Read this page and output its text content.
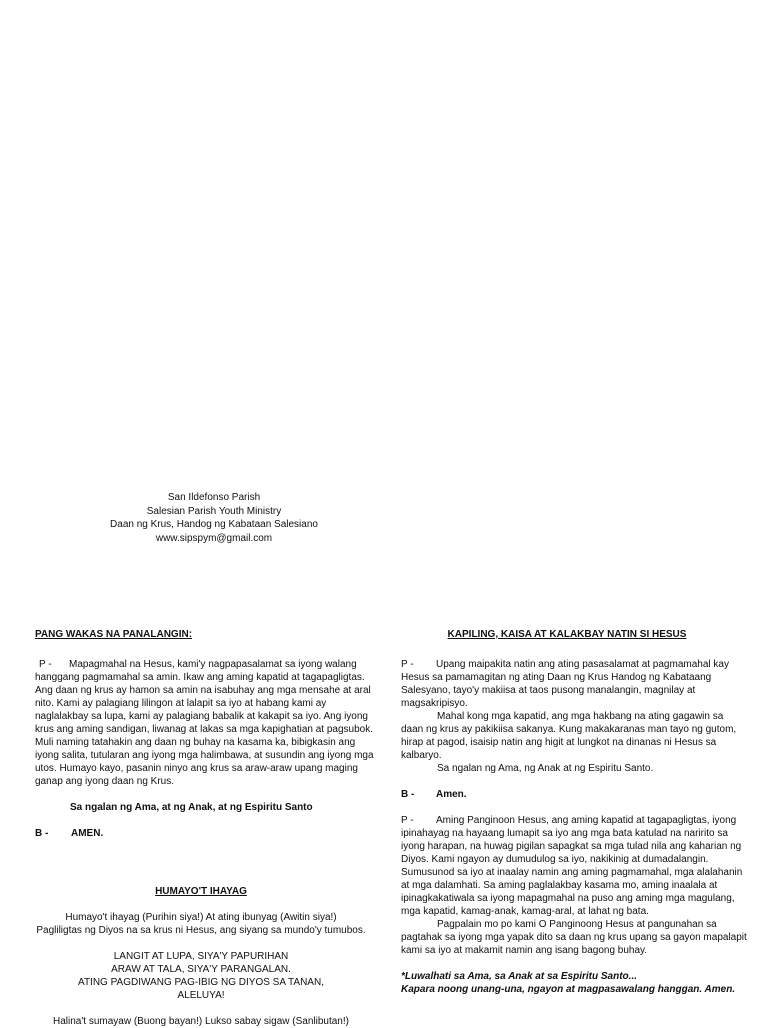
San Ildefonso Parish
Salesian Parish Youth Ministry
Daan ng Krus, Handog ng Kabataan Salesiano
www.sipspym@gmail.com
PANG WAKAS NA PANALANGIN:
P - Mapagmahal na Hesus, kami'y nagpapasalamat sa iyong walang
hanggang pagmamahal sa amin. Ikaw ang aming kapatid at tagapagligtas.
Ang daan ng krus ay hamon sa amin na isabuhay ang mga mensahe at aral
nito. Kami ay palagiang lilingon at lalapit sa iyo at habang kami ay
naglalakbay sa lupa, kami ay palagiang babalik at kakapit sa iyo. Ang iyong
krus ang aming sandigan, liwanag at lakas sa mga kapighatian at pagsubok.
Muli naming tatahakin ang daan ng buhay na kasama ka, bibigkasin ang
iyong salita, tutularan ang iyong mga halimbawa, at susundin ang iyong mga
utos. Humayo kayo, pasanin ninyo ang krus sa araw-araw upang maging
ganap ang iyong daan ng Krus.
Sa ngalan ng Ama, at ng Anak, at ng Espiritu Santo
B - AMEN.
HUMAYO'T IHAYAG
Humayo't ihayag (Purihin siya!) At ating ibunyag (Awitin siya!)
Pagliligtas ng Diyos na sa krus ni Hesus, ang siyang sa mundo'y tumubos.
LANGIT AT LUPA, SIYA'Y PAPURIHAN
ARAW AT TALA, SIYA'Y PARANGALAN.
ATING PAGDIWANG PAG-IBIG NG DIYOS SA TANAN,
ALELUYA!
Halina't sumayaw (Buong bayan!) Lukso sabay sigaw (Sanlibutan!)
KAPILING, KAISA AT KALAKBAY NATIN SI HESUS
P - Upang maipakita natin ang ating pasasalamat at pagmamahal kay
Hesus sa pamamagitan ng ating Daan ng Krus Handog ng Kabataang
Salesyano, tayo'y makiisa at taos pusong manalangin, magnilay at
magsakripisyo.
Mahal kong mga kapatid, ang mga hakbang na ating gagawin sa
daan ng krus ay pakikiisa sakanya. Kung makakaranas man tayo ng gutom,
hirap at pagod, isaisip natin ang higit at lungkot na dinanas ni Hesus sa
kalbaryo.
Sa ngalan ng Ama, ng Anak at ng Espiritu Santo.
B - Amen.
P - Aming Panginoon Hesus, ang aming kapatid at tagapagligtas, iyong
ipinahayag na hayaang lumapit sa iyo ang mga bata katulad na naririto sa
iyong harapan, na huwag pigilan sapagkat sa mga tulad nila ang kaharian ng
Diyos. Kami ngayon ay dumudulog sa iyo, nakikinig at dumadalangin.
Sumusunod sa iyo at inaalay namin ang aming pagmamahal, mga alalahanin
at mga dalamhati. Sa aming paglalakbay kasama mo, aming inaalala at
ipinagkakatiwala sa iyong mapagmahal na puso ang aming mga magulang,
mga kapatid, kamag-anak, kamag-aral, at lahat ng bata.
Pagpalain mo po kami O Panginoong Hesus at pangunahan sa
pagtahak sa iyong mga yapak dito sa daan ng krus upang sa gayon mapalapit
kami sa iyo at makamit namin ang isang bagong buhay.
*Luwalhati sa Ama, sa Anak at sa Espiritu Santo...
Kapara noong unang-una, ngayon at magpasawalang hanggan. Amen.
